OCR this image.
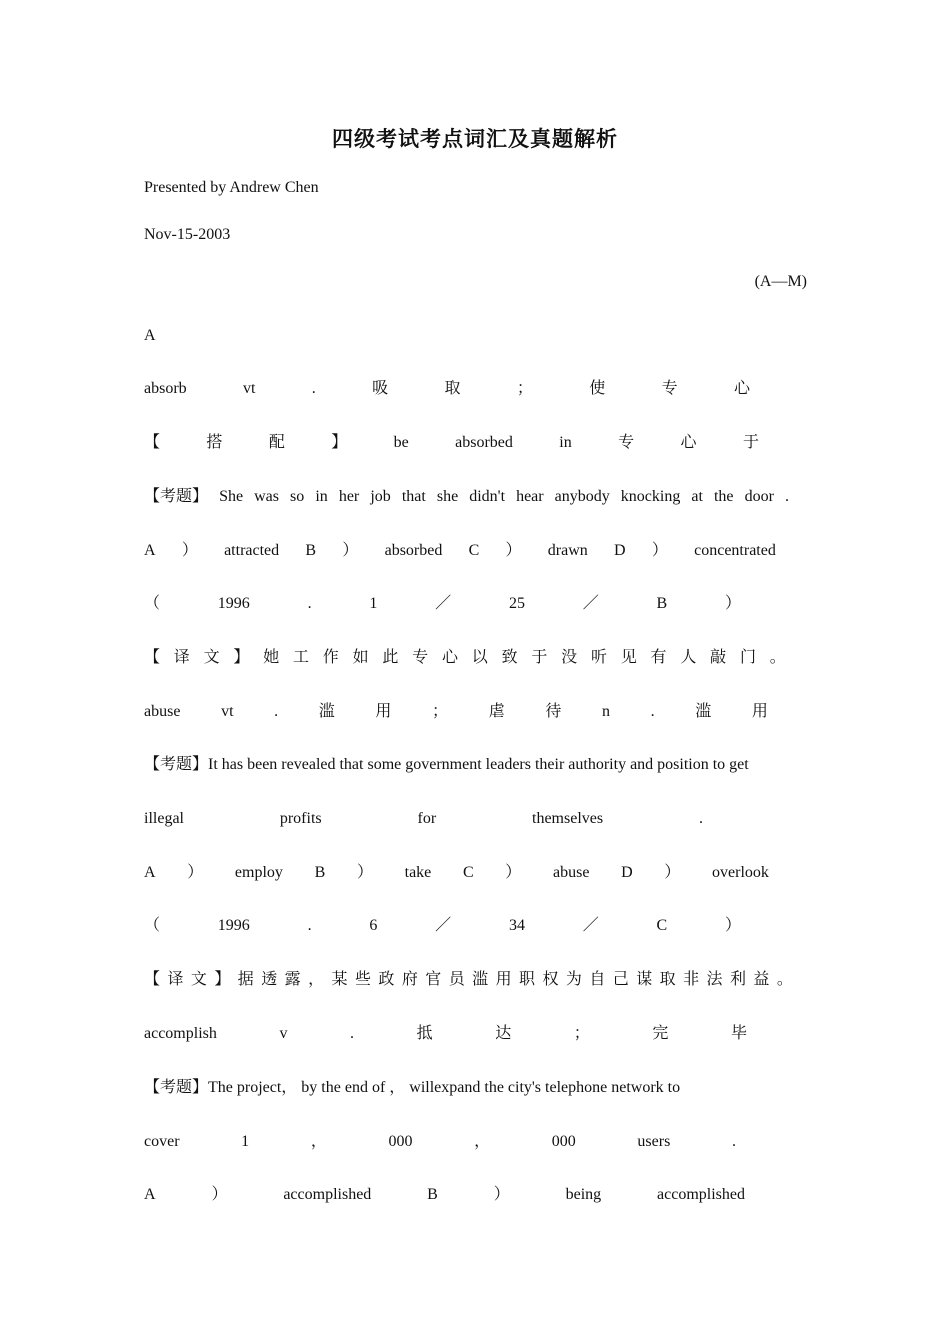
四级考试考点词汇及真题解析
Presented by Andrew Chen
Nov-15-2003
(A—M)
A
absorb	vt	.	吸	取	；	使	专	心
【	搭	配	】	be	absorbed	in	专	心	于
【考题】 She was so in her job that she didn't hear anybody knocking at the door .
A ） attracted B ） absorbed C ） drawn D ） concentrated
（	1996	.	1	／	25	／	B	）
【 译 文 】 她 工 作 如 此 专 心 以 致 于 没 听 见 有 人 敲 门 。
abuse	vt	.	滥	用	；	虐	待	n	.	滥	用
【考题】It has been revealed that some government leaders their authority and position to get
illegal	profits	for	themselves	.
A ） employ B ） take C ） abuse D ） overlook
（	1996	.	6	／	34	／	C	）
【 译 文 】 据 透 露 ， 某 些 政 府 官 员 滥 用 职 权 为 自 己 谋 取 非 法 利 益 。
accomplish	v	.	抵	达	；	完	毕
【考题】The project， by the end of ， willexpand the city's telephone network to
cover	1	，	000	，	000	users	.
A	）	accomplished	B	）	being	accomplished
